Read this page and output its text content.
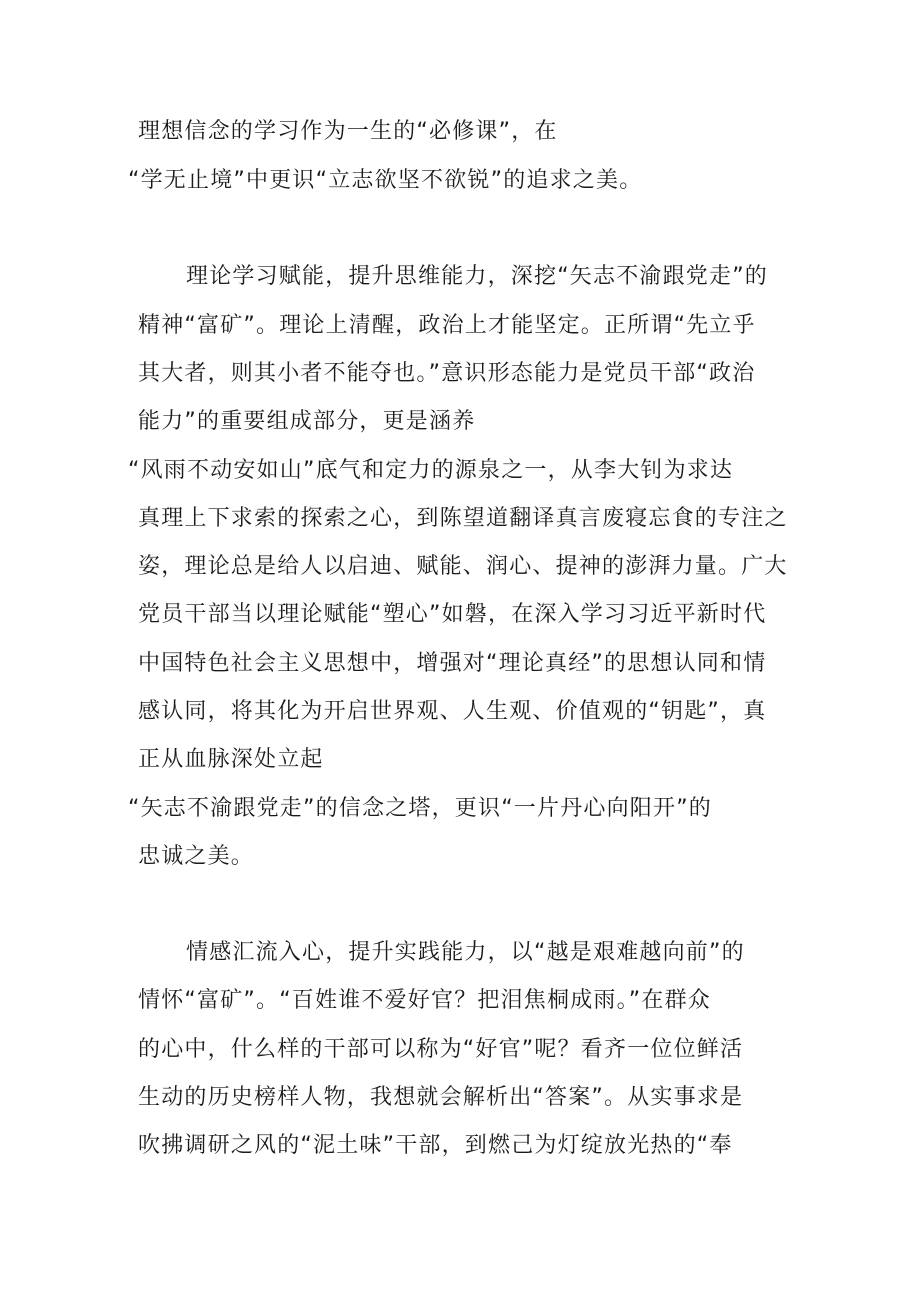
理想信念的学习作为一生的“必修课”，在
“学无止境”中更识“立志欲坚不欲锐”的追求之美。
理论学习赋能，提升思维能力，深挖“矢志不渝跟党走”的
精神“富矿”。理论上清醒，政治上才能坚定。正所谓“先立乎
其大者，则其小者不能夺也。”意识形态能力是党员干部“政治
能力”的重要组成部分，更是涵养
“风雨不动安如山”底气和定力的源泉之一，从李大钊为求达
真理上下求索的探索之心，到陈望道翻译真言废寝忘食的专注之
姿，理论总是给人以启迪、赋能、润心、提神的澎湃力量。广大
党员干部当以理论赋能“塑心”如磐，在深入学习习近平新时代
中国特色社会主义思想中，增强对“理论真经”的思想认同和情
感认同，将其化为开启世界观、人生观、价值观的“钥匙”，真
正从血脉深处立起
“矢志不渝跟党走”的信念之塔，更识“一片丹心向阳开”的
忠诚之美。
情感汇流入心，提升实践能力，以“越是艰难越向前”的
情怀“富矿”。“百姓谁不爱好官？把泪焦桐成雨。”在群众
的心中，什么样的干部可以称为“好官”呢？看齐一位位鲜活
生动的历史榜样人物，我想就会解析出“答案”。从实事求是
吹拂调研之风的“泥土味”干部，到燃己为灯绽放光热的“奉
